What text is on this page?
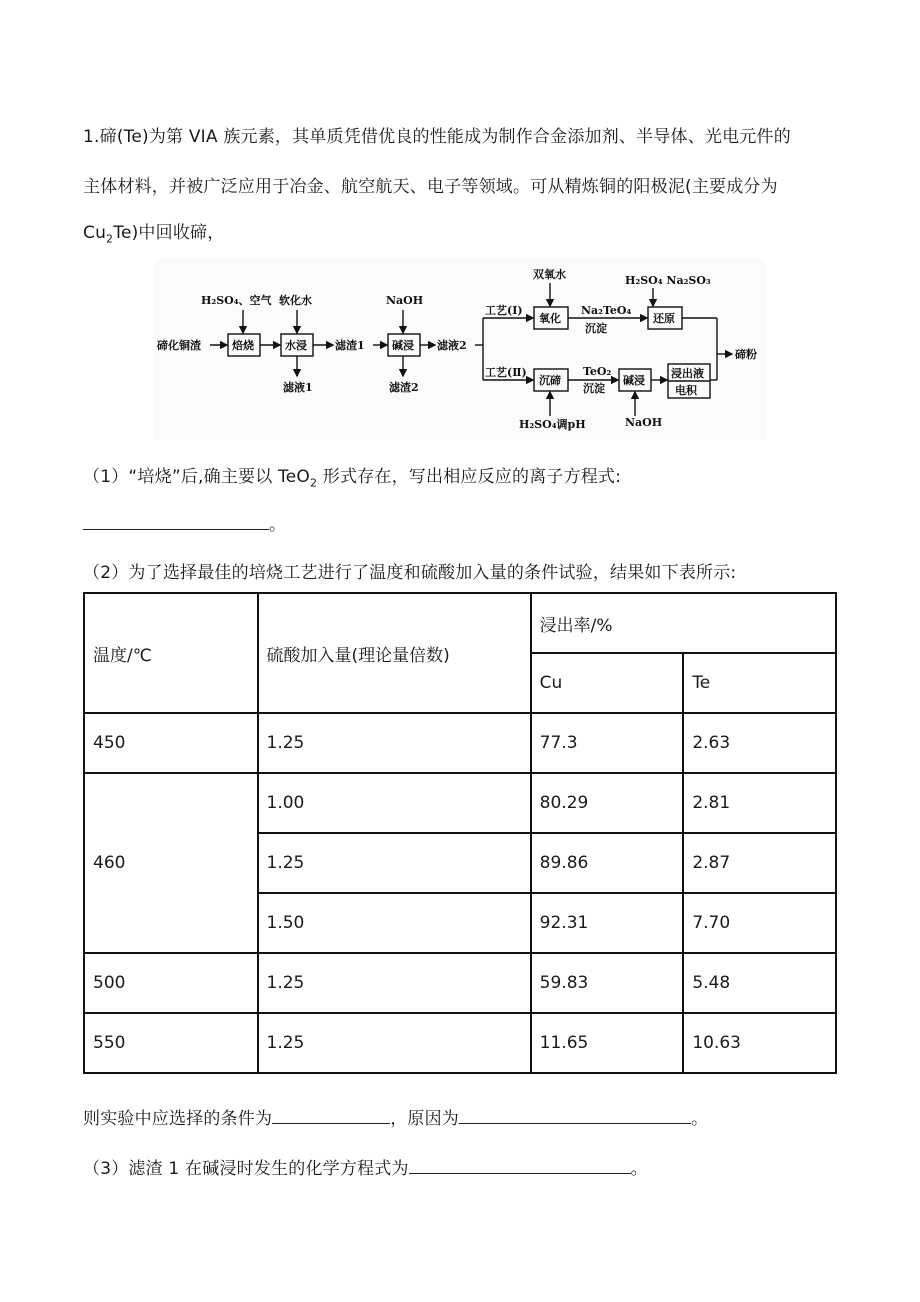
1.碲(Te)为第 VIA 族元素，其单质凭借优良的性能成为制作合金添加剂、半导体、光电元件的
主体材料，并被广泛应用于冶金、航空航天、电子等领域。可从精炼铜的阳极泥(主要成分为
$Cu_2Te$)中回收碲，
H₂SO₄、空气 软化水	NaOH
双氧水	H₂SO₄ Na₂SO₃
碲化铜渣	焙烧	水浸	滤渣1 碱浸 滤液2
滤液1	滤渣2
工艺(Ⅰ)
氧化
Na₂TeO₄
沉淀
还原
工艺(Ⅱ)
沉碲
TeO₂
沉淀
碱浸
浸出液
电积
H₂SO₄调pH	NaOH
碲粉
（1）“培烧”后,确主要以 TeO$_2$ 形式存在，写出相应反应的离子方程式:
。
（2）为了选择最佳的培烧工艺进行了温度和硫酸加入量的条件试验，结果如下表所示:
温度/℃	硫酸加入量(理论量倍数)	浸出率/%	
		Cu	Te
450	1.25	77.3	2.63
460	1.00	80.29	2.81
	1.25	89.86	2.87
	1.50	92.31	7.70
500	1.25	59.83	5.48
550	1.25	11.65	10.63
则实验中应选择的条件为	，原因为	。
（3）滤渣 1 在碱浸时发生的化学方程式为	。
